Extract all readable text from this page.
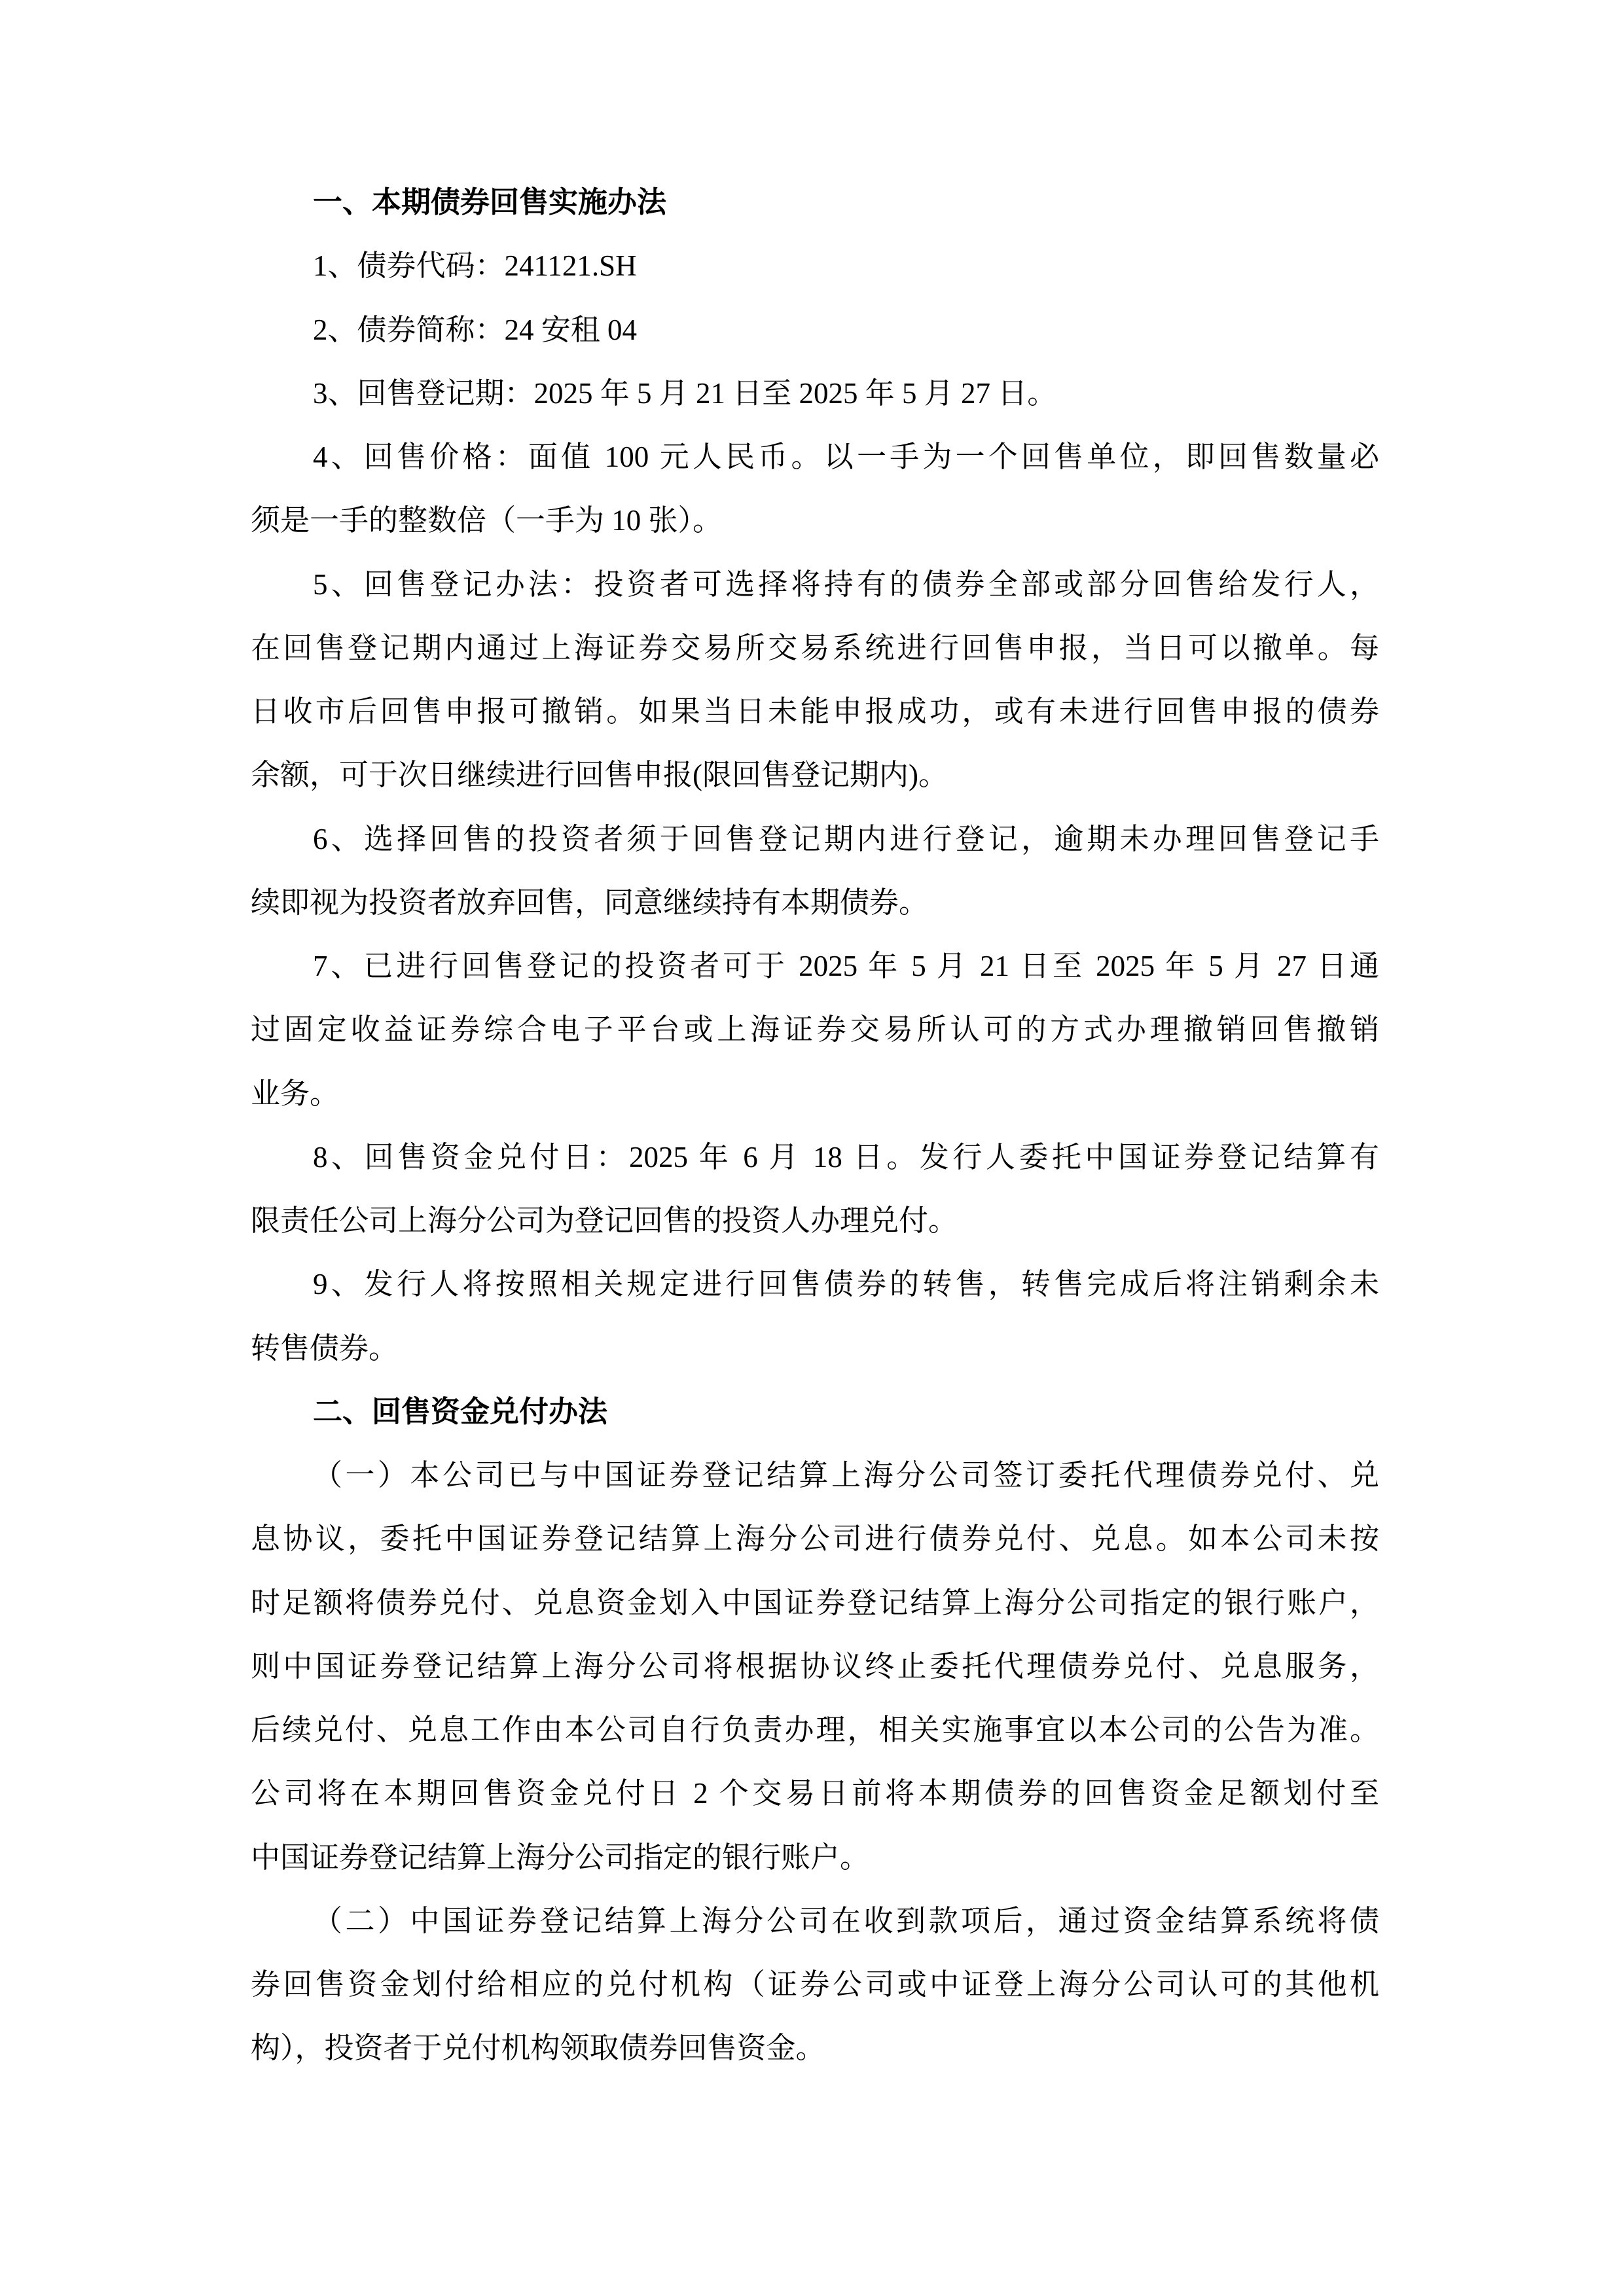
一、本期债券回售实施办法
1、债券代码：241121.SH
2、债券简称：24 安租 04
3、回售登记期：2025 年 5 月 21 日至 2025 年 5 月 27 日。
4、回售价格：面值 100 元人民币。以一手为一个回售单位，即回售数量必
须是一手的整数倍（一手为 10 张）。
5、回售登记办法：投资者可选择将持有的债券全部或部分回售给发行人，
在回售登记期内通过上海证券交易所交易系统进行回售申报，当日可以撤单。每
日收市后回售申报可撤销。如果当日未能申报成功，或有未进行回售申报的债券
余额，可于次日继续进行回售申报(限回售登记期内)。
6、选择回售的投资者须于回售登记期内进行登记，逾期未办理回售登记手
续即视为投资者放弃回售，同意继续持有本期债券。
7、已进行回售登记的投资者可于 2025 年 5 月 21 日至 2025 年 5 月 27 日通
过固定收益证券综合电子平台或上海证券交易所认可的方式办理撤销回售撤销
业务。
8、回售资金兑付日：2025 年 6 月 18 日。发行人委托中国证券登记结算有
限责任公司上海分公司为登记回售的投资人办理兑付。
9、发行人将按照相关规定进行回售债券的转售，转售完成后将注销剩余未
转售债券。
二、回售资金兑付办法
（一）本公司已与中国证券登记结算上海分公司签订委托代理债券兑付、兑
息协议，委托中国证券登记结算上海分公司进行债券兑付、兑息。如本公司未按
时足额将债券兑付、兑息资金划入中国证券登记结算上海分公司指定的银行账户，
则中国证券登记结算上海分公司将根据协议终止委托代理债券兑付、兑息服务，
后续兑付、兑息工作由本公司自行负责办理，相关实施事宜以本公司的公告为准。
公司将在本期回售资金兑付日 2 个交易日前将本期债券的回售资金足额划付至
中国证券登记结算上海分公司指定的银行账户。
（二）中国证券登记结算上海分公司在收到款项后，通过资金结算系统将债
券回售资金划付给相应的兑付机构（证券公司或中证登上海分公司认可的其他机
构），投资者于兑付机构领取债券回售资金。
